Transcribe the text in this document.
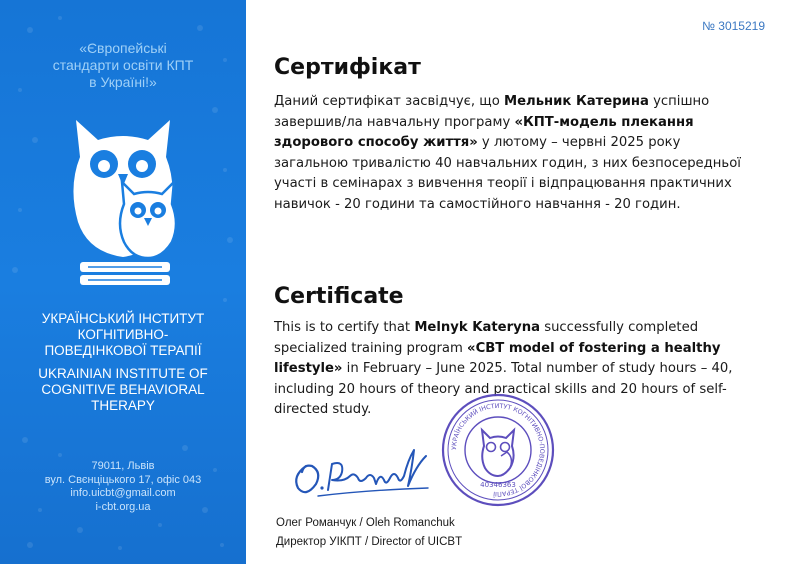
«Європейські
стандарти освіти КПТ
в Україні!»
УКРАЇНСЬКИЙ ІНСТИТУТ
КОГНІТИВНО-
ПОВЕДІНКОВОЇ ТЕРАПІЇ
UKRAINIAN INSTITUTE OF
COGNITIVE BEHAVIORAL
THERAPY
79011, Львів
вул. Свєнціцького 17, офіс 043
info.uicbt@gmail.com
i-cbt.org.ua
№ 3015219
Сертифікат
Даний сертифікат засвідчує, що Мельник Катерина успішно завершив/ла навчальну програму «КПТ-модель плекання здорового способу життя» у лютому – червні 2025 року загальною тривалістю 40 навчальних годин, з них безпосередньої участі в семінарах з вивчення теорії і відпрацювання практичних навичок - 20 години та самостійного навчання - 20 годин.
Certificate
This is to certify that Melnyk Kateryna successfully completed specialized training program «CBT model of fostering a healthy lifestyle» in February – June 2025. Total number of study hours – 40, including 20 hours of theory and practical skills and 20 hours of self- directed study.
УКРАЇНСЬКИЙ ІНСТИТУТ КОГНІТИВНО-ПОВЕДІНКОВОЇ ТЕРАПІЇ
40346363
Олег Романчук / Oleh Romanchuk
Директор УІКПТ / Director of UICBT
